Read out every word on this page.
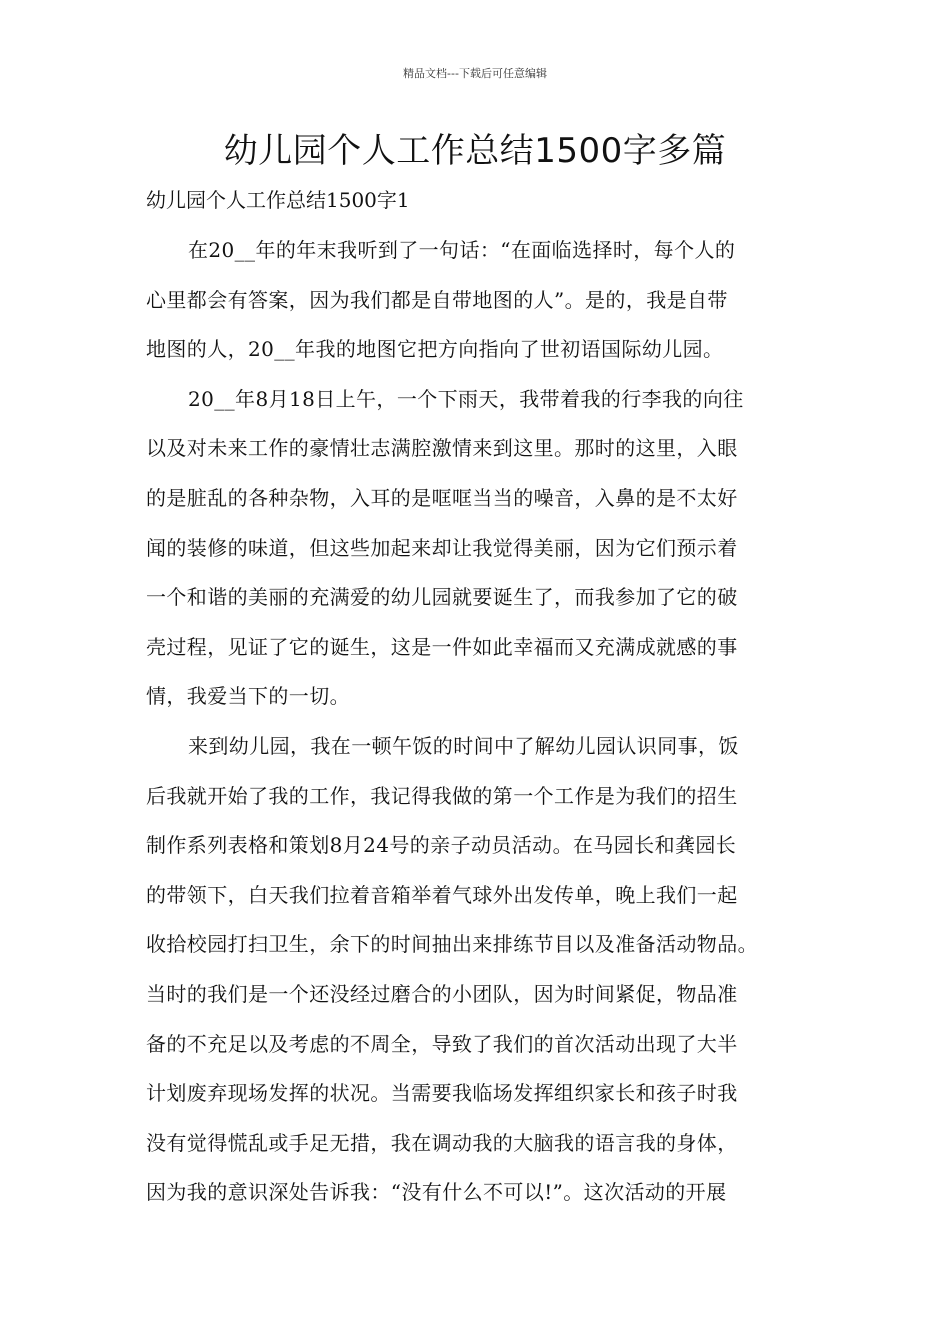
精品文档---下载后可任意编辑
幼儿园个人工作总结1500字多篇
幼儿园个人工作总结1500字1
在20__年的年末我听到了一句话：“在面临选择时，每个人的
心里都会有答案，因为我们都是自带地图的人”。是的，我是自带
地图的人，20__年我的地图它把方向指向了世初语国际幼儿园。
20__年8月18日上午，一个下雨天，我带着我的行李我的向往
以及对未来工作的豪情壮志满腔激情来到这里。那时的这里，入眼
的是脏乱的各种杂物，入耳的是哐哐当当的噪音，入鼻的是不太好
闻的装修的味道，但这些加起来却让我觉得美丽，因为它们预示着
一个和谐的美丽的充满爱的幼儿园就要诞生了，而我参加了它的破
壳过程，见证了它的诞生，这是一件如此幸福而又充满成就感的事
情，我爱当下的一切。
来到幼儿园，我在一顿午饭的时间中了解幼儿园认识同事，饭
后我就开始了我的工作，我记得我做的第一个工作是为我们的招生
制作系列表格和策划8月24号的亲子动员活动。在马园长和龚园长
的带领下，白天我们拉着音箱举着气球外出发传单，晚上我们一起
收拾校园打扫卫生，余下的时间抽出来排练节目以及准备活动物品。
当时的我们是一个还没经过磨合的小团队，因为时间紧促，物品准
备的不充足以及考虑的不周全，导致了我们的首次活动出现了大半
计划废弃现场发挥的状况。当需要我临场发挥组织家长和孩子时我
没有觉得慌乱或手足无措，我在调动我的大脑我的语言我的身体，
因为我的意识深处告诉我：“没有什么不可以!”。这次活动的开展
